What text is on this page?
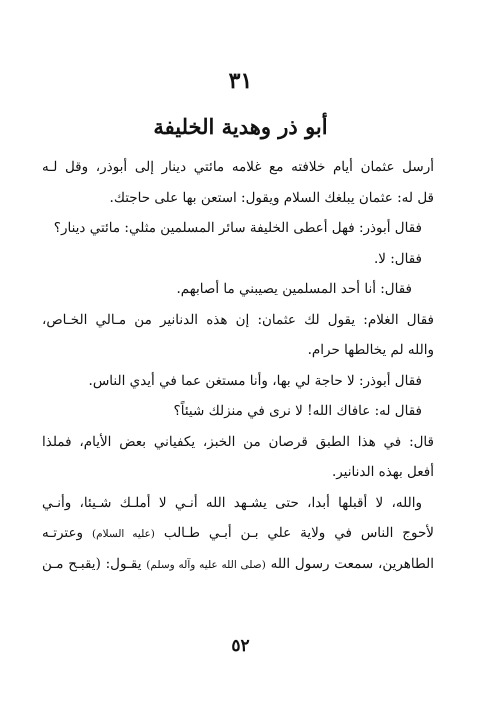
٣١
أبو ذر وهدية الخليفة
أرسل عثمان أيام خلافته مع غلامه مائتي دينار إلى أبوذر، وقل لـه
قل له: عثمان يبلغك السلام ويقول: استعن بها على حاجتك.
فقال أبوذر: فهل أعطى الخليفة سائر المسلمين مثلي: مائتي دينار؟
فقال: لا.
فقال: أنا أحد المسلمين يصيبني ما أصابهم.
فقال الغلام: يقول لك عثمان: إن هذه الدنانير من مـالي الخـاص،
والله لم يخالطها حرام.
فقال أبوذر: لا حاجة لي بها، وأنا مستغن عما في أيدي الناس.
فقال له: عافاك الله! لا نرى في منزلك شيئاً؟
قال: في هذا الطبق قرصان من الخبز، يكفياني بعض الأيام، فملذا
أفعل بهذه الدنانير.
والله، لا أقبلها أبدا، حتى يشـهد الله أنـي لا أملـك شـيئا، وأنـي
لأحوج الناس في ولاية علي بـن أبـي طـالب (عليه السلام) وعترتـه
الطاهرين، سمعت رسول الله (صلى الله عليه وآله وسلم) يقـول: (يقبـح مـن
٥٢
